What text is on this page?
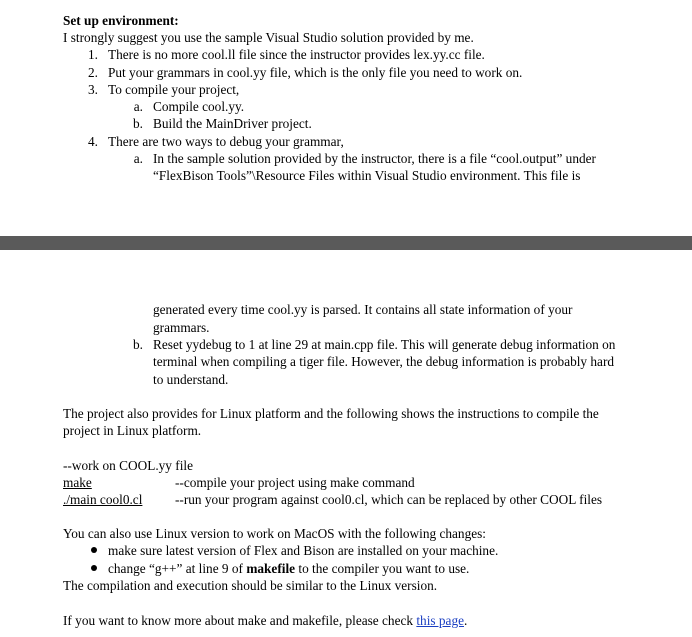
Set up environment:
I strongly suggest you use the sample Visual Studio solution provided by me.
1. There is no more cool.ll file since the instructor provides lex.yy.cc file.
2. Put your grammars in cool.yy file, which is the only file you need to work on.
3. To compile your project,
a. Compile cool.yy.
b. Build the MainDriver project.
4. There are two ways to debug your grammar,
a. In the sample solution provided by the instructor, there is a file “cool.output” under
“FlexBison Tools”\Resource Files within Visual Studio environment. This file is
generated every time cool.yy is parsed. It contains all state information of your
grammars.
b. Reset yydebug to 1 at line 29 at main.cpp file. This will generate debug information on
terminal when compiling a tiger file. However, the debug information is probably hard
to understand.
The project also provides for Linux platform and the following shows the instructions to compile the
project in Linux platform.
--work on COOL.yy file
make	--compile your project using make command
./main cool0.cl --run your program against cool0.cl, which can be replaced by other COOL files
You can also use Linux version to work on MacOS with the following changes:
make sure latest version of Flex and Bison are installed on your machine.
change “g++” at line 9 of makefile to the compiler you want to use.
The compilation and execution should be similar to the Linux version.
If you want to know more about make and makefile, please check this page.
